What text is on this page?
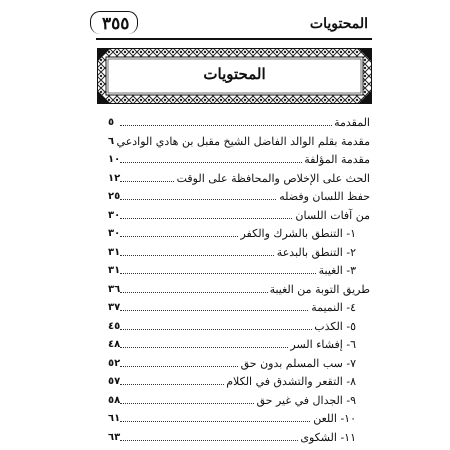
٣٥٥	المحتويات
المحتويات
المقدمة
٥
مقدمة بقلم الوالد الفاضل الشيخ مقبل بن هادي الوادعي
٦
مقدمة المؤلفة
١٠
الحث على الإخلاص والمحافظة على الوقت
١٢
حفظ اللسان وفضله
٢٥
من آفات اللسان
٣٠
١- التنطق بالشرك والكفر
٣٠
٢- التنطق بالبدعة
٣١
٣- الغيبة
٣١
طريق التوبة من الغيبة
٣٦
٤- النميمة
٣٧
٥- الكذب
٤٥
٦- إفشاء السر
٤٨
٧- سب المسلم بدون حق
٥٢
٨- التقعر والتشدق في الكلام
٥٧
٩- الجدال في غير حق
٥٨
١٠- اللعن
٦١
١١- الشكوى
٦٣
